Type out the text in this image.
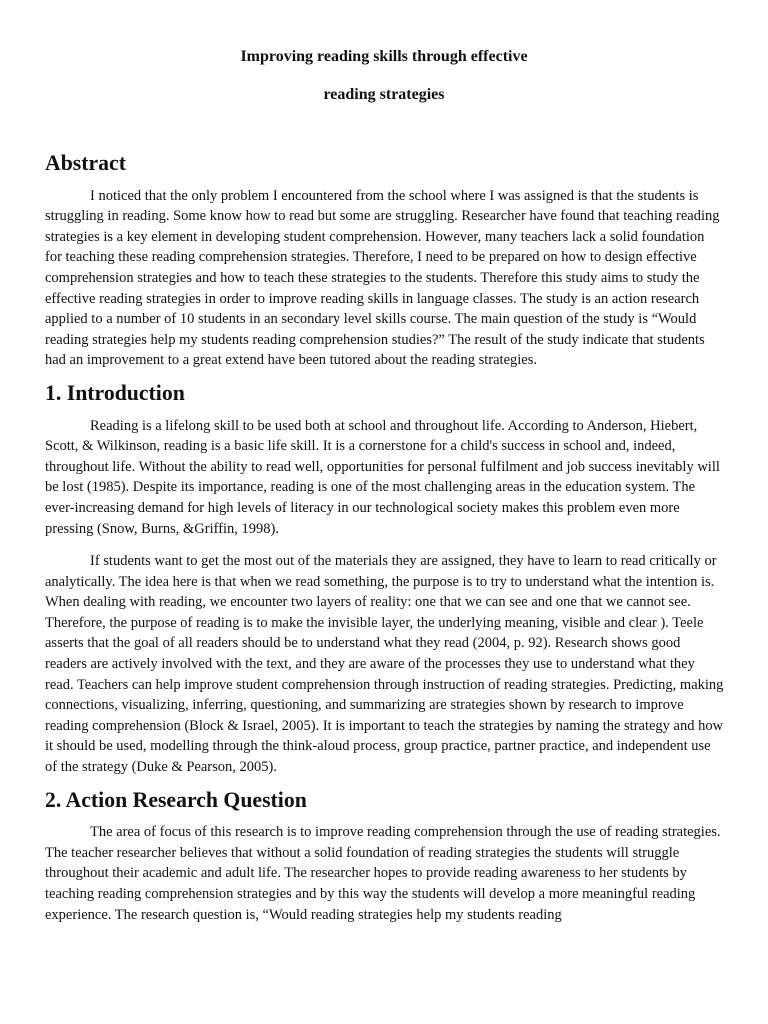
Improving reading skills through effective
reading strategies
Abstract

I noticed that the only problem I encountered from the school where I was assigned is that the students is struggling in reading. Some know how to read but some are struggling. Researcher have found that teaching reading strategies is a key element in developing student comprehension. However, many teachers lack a solid foundation for teaching these reading comprehension strategies. Therefore, I need to be prepared on how to design effective comprehension strategies and how to teach these strategies to the students. Therefore this study aims to study the effective reading strategies in order to improve reading skills in language classes. The study is an action research applied to a number of 10 students in an secondary level skills course. The main question of the study is “Would reading strategies help my students reading comprehension studies?” The result of the study indicate that students had an improvement to a great extend have been tutored about the reading strategies.

1. Introduction

Reading is a lifelong skill to be used both at school and throughout life. According to Anderson, Hiebert, Scott, & Wilkinson, reading is a basic life skill. It is a cornerstone for a child's success in school and, indeed, throughout life. Without the ability to read well, opportunities for personal fulfilment and job success inevitably will be lost (1985). Despite its importance, reading is one of the most challenging areas in the education system. The ever-increasing demand for high levels of literacy in our technological society makes this problem even more pressing (Snow, Burns, &Griffin, 1998).

If students want to get the most out of the materials they are assigned, they have to learn to read critically or analytically. The idea here is that when we read something, the purpose is to try to understand what the intention is. When dealing with reading, we encounter two layers of reality: one that we can see and one that we cannot see. Therefore, the purpose of reading is to make the invisible layer, the underlying meaning, visible and clear ). Teele asserts that the goal of all readers should be to understand what they read (2004, p. 92). Research shows good readers are actively involved with the text, and they are aware of the processes they use to understand what they read. Teachers can help improve student comprehension through instruction of reading strategies. Predicting, making connections, visualizing, inferring, questioning, and summarizing are strategies shown by research to improve reading comprehension (Block & Israel, 2005). It is important to teach the strategies by naming the strategy and how it should be used, modelling through the think-aloud process, group practice, partner practice, and independent use of the strategy (Duke & Pearson, 2005).

2. Action Research Question

The area of focus of this research is to improve reading comprehension through the use of reading strategies. The teacher researcher believes that without a solid foundation of reading strategies the students will struggle throughout their academic and adult life. The researcher hopes to provide reading awareness to her students by teaching reading comprehension strategies and by this way the students will develop a more meaningful reading experience. The research question is, “Would reading strategies help my students reading
